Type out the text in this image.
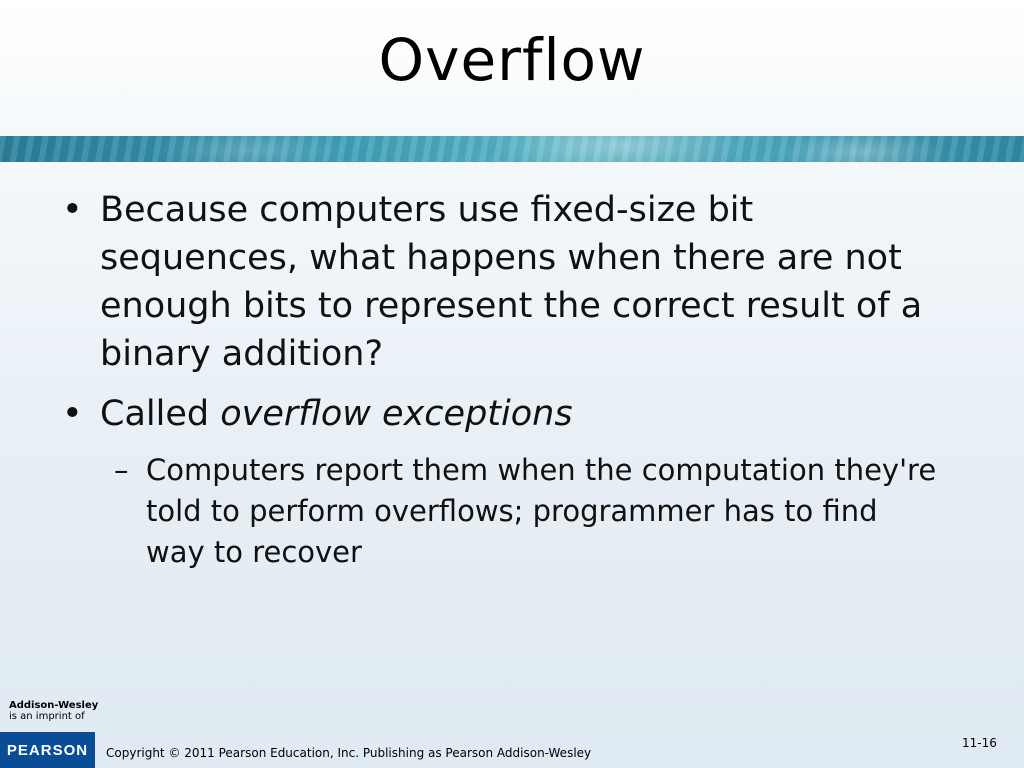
Overflow
• Because computers use fixed-size bit sequences, what happens when there are not enough bits to represent the correct result of a binary addition?
• Called overflow exceptions
– Computers report them when the computation they're told to perform overflows; programmer has to find way to recover
Addison-Wesley
is an imprint of
PEARSON	Copyright © 2011 Pearson Education, Inc. Publishing as Pearson Addison-Wesley
11-16
